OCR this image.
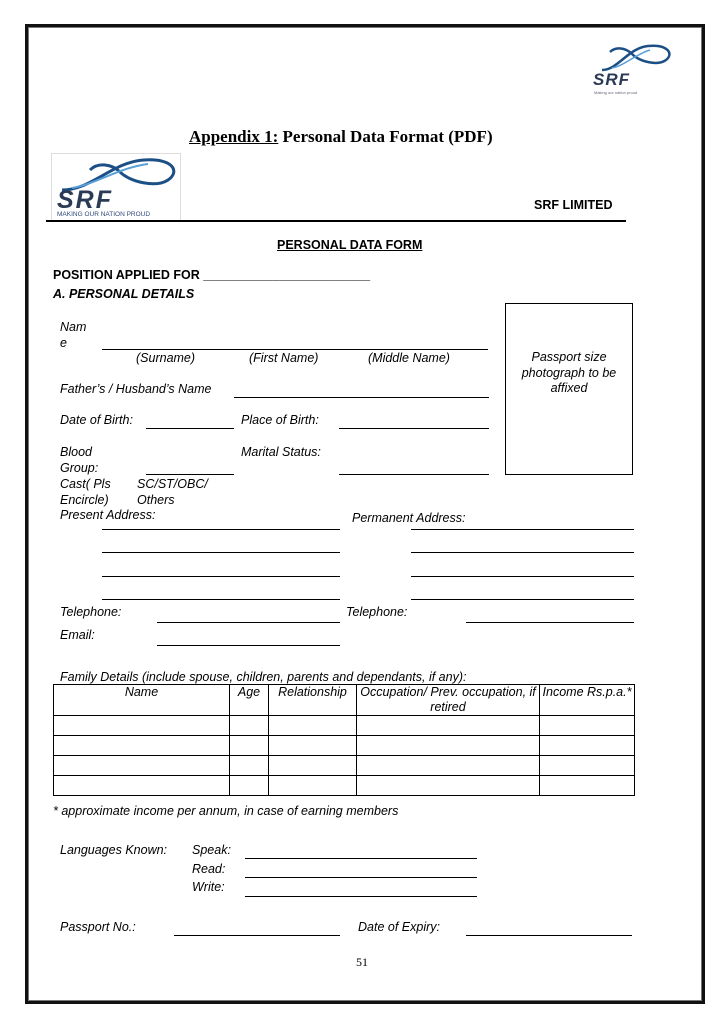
SRF
Making our nation proud
Appendix 1: Personal Data Format (PDF)
SRF
MAKING OUR NATION PROUD
SRF LIMITED
PERSONAL DATA FORM
POSITION APPLIED FOR ________________________
A. PERSONAL DETAILS
Nam
e
(Surname)	(First Name)	(Middle Name)	Passport size photograph to be affixed
Father’s / Husband’s Name
Date of Birth:	Place of Birth:
Blood
Group:
Marital Status:
Cast( Pls
Encircle)
SC/ST/OBC/
Others
Present Address:	Permanent Address:
Telephone:	Telephone:
Email:
Family Details (include spouse, children, parents and dependants, if any):
Name	Age	Relationship	Occupation/ Prev. occupation, if retired	Income Rs.p.a.*

* approximate income per annum, in case of earning members
Languages Known: Speak:
Read:
Write:
Passport No.:	Date of Expiry:
51
